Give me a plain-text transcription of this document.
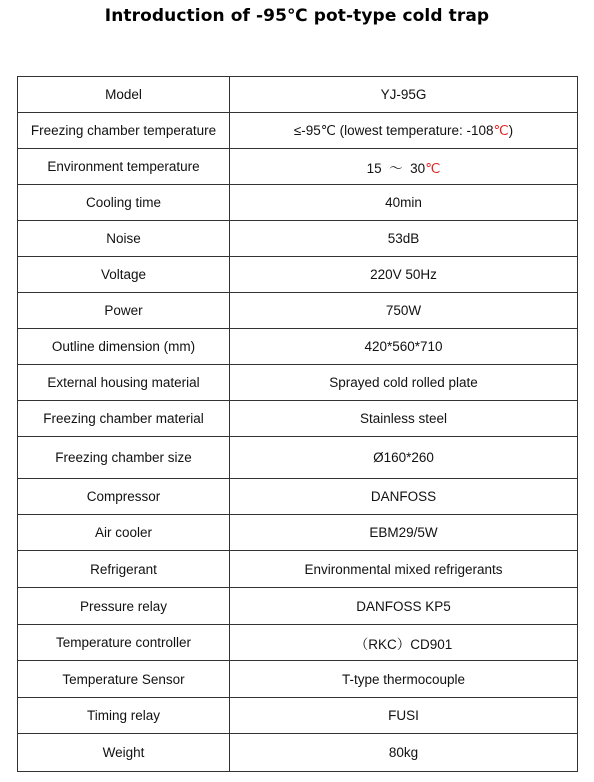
Introduction of -95℃ pot-type cold trap
Model	YJ-95G
Freezing chamber temperature	≤-95℃ (lowest temperature: -108℃)
Environment temperature	15  ～  30℃
Cooling time	40min
Noise	53dB
Voltage	220V 50Hz
Power	750W
Outline dimension (mm)	420*560*710
External housing material	Sprayed cold rolled plate
Freezing chamber material	Stainless steel
Freezing chamber size	Ø160*260
Compressor	DANFOSS
Air cooler	EBM29/5W
Refrigerant	Environmental mixed refrigerants
Pressure relay	DANFOSS KP5
Temperature controller	（RKC）CD901
Temperature Sensor	T-type thermocouple
Timing relay	FUSI
Weight	80kg
